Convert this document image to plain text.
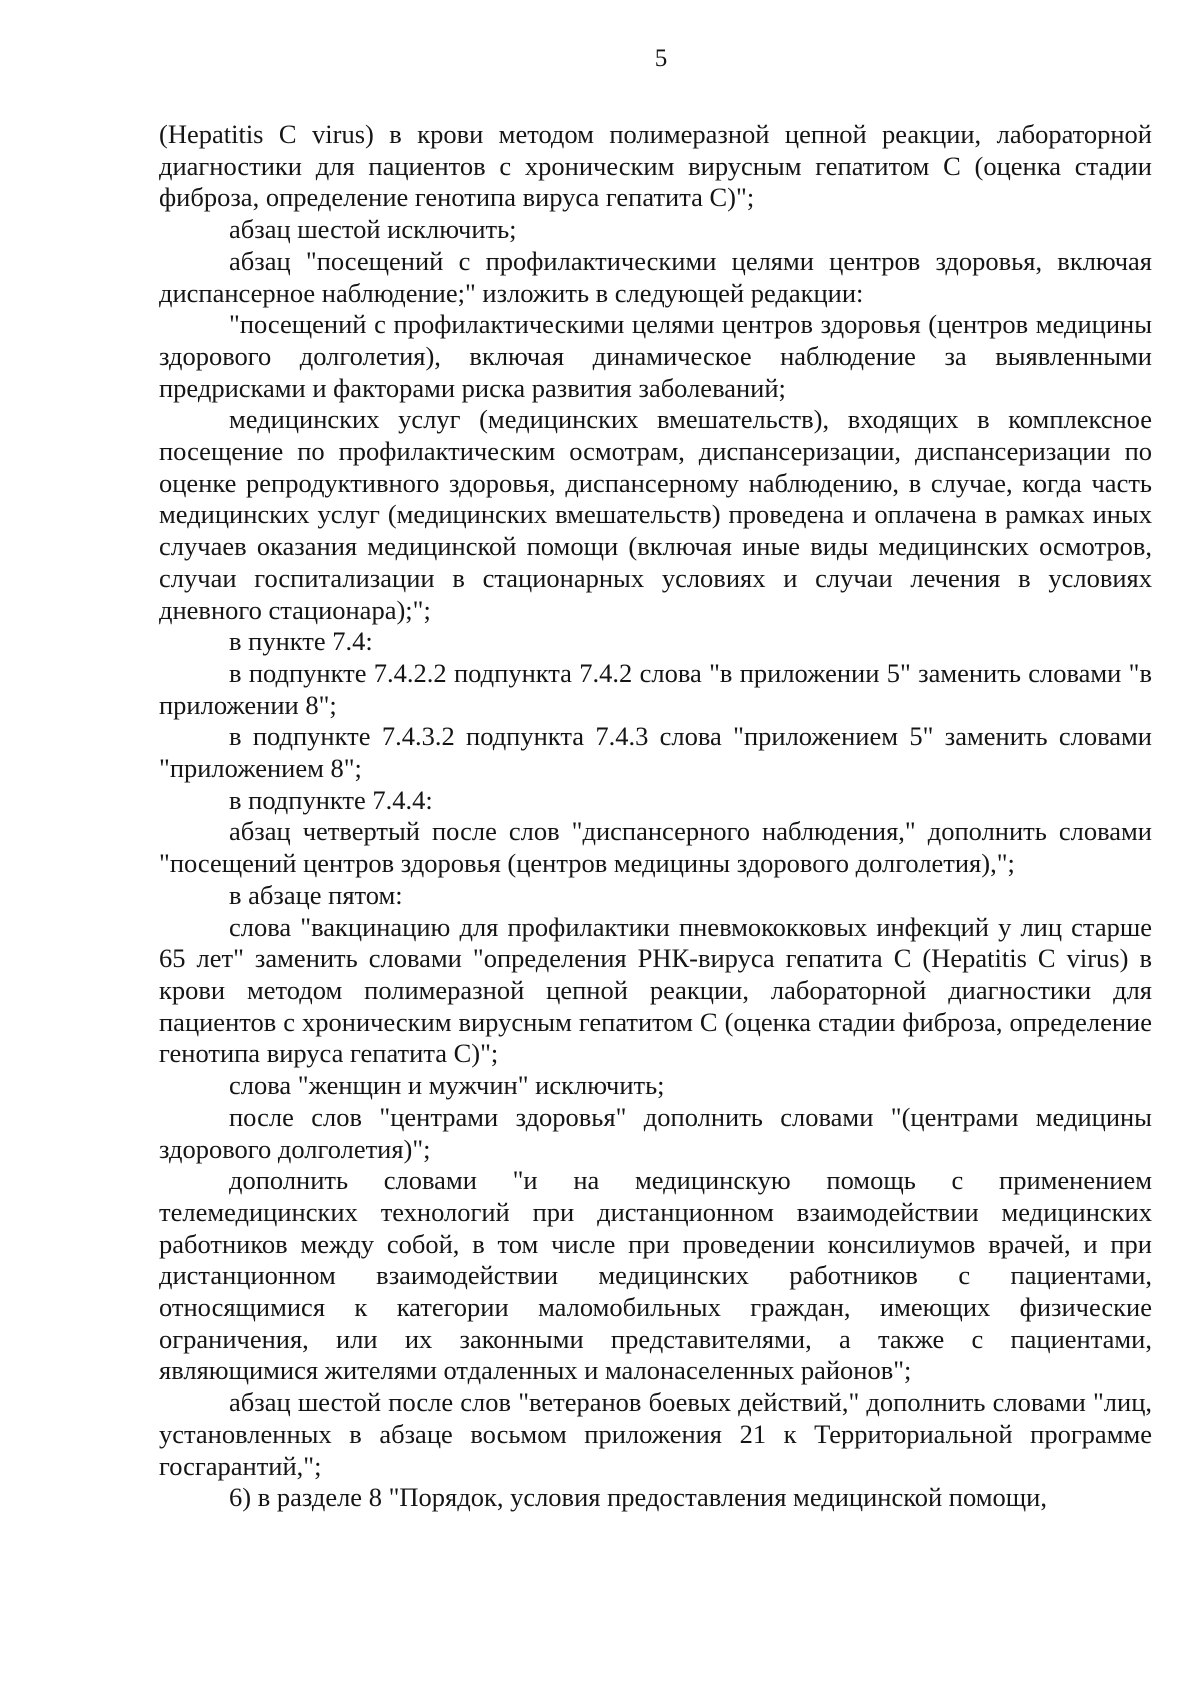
5

(Hepatitis C virus) в крови методом полимеразной цепной реакции, лабораторной диагностики для пациентов с хроническим вирусным гепатитом С (оценка стадии фиброза, определение генотипа вируса гепатита С)";

абзац шестой исключить;

абзац "посещений с профилактическими целями центров здоровья, включая диспансерное наблюдение;" изложить в следующей редакции:

"посещений с профилактическими целями центров здоровья (центров медицины здорового долголетия), включая динамическое наблюдение за выявленными предрисками и факторами риска развития заболеваний;

медицинских услуг (медицинских вмешательств), входящих в комплексное посещение по профилактическим осмотрам, диспансеризации, диспансеризации по оценке репродуктивного здоровья, диспансерному наблюдению, в случае, когда часть медицинских услуг (медицинских вмешательств) проведена и оплачена в рамках иных случаев оказания медицинской помощи (включая иные виды медицинских осмотров, случаи госпитализации в стационарных условиях и случаи лечения в условиях дневного стационара);";

в пункте 7.4:

в подпункте 7.4.2.2 подпункта 7.4.2 слова "в приложении 5" заменить словами "в приложении 8";

в подпункте 7.4.3.2 подпункта 7.4.3 слова "приложением 5" заменить словами "приложением 8";

в подпункте 7.4.4:

абзац четвертый после слов "диспансерного наблюдения," дополнить словами "посещений центров здоровья (центров медицины здорового долголетия),";

в абзаце пятом:

слова "вакцинацию для профилактики пневмококковых инфекций у лиц старше 65 лет" заменить словами "определения РНК-вируса гепатита С (Hepatitis C virus) в крови методом полимеразной цепной реакции, лабораторной диагностики для пациентов с хроническим вирусным гепатитом С (оценка стадии фиброза, определение генотипа вируса гепатита С)";

слова "женщин и мужчин" исключить;

после слов "центрами здоровья" дополнить словами "(центрами медицины здорового долголетия)";

дополнить словами "и на медицинскую помощь с применением телемедицинских технологий при дистанционном взаимодействии медицинских работников между собой, в том числе при проведении консилиумов врачей, и при дистанционном взаимодействии медицинских работников с пациентами, относящимися к категории маломобильных граждан, имеющих физические ограничения, или их законными представителями, а также с пациентами, являющимися жителями отдаленных и малонаселенных районов";

абзац шестой после слов "ветеранов боевых действий," дополнить словами "лиц, установленных в абзаце восьмом приложения 21 к Территориальной программе госгарантий,";

6) в разделе 8 "Порядок, условия предоставления медицинской помощи,
